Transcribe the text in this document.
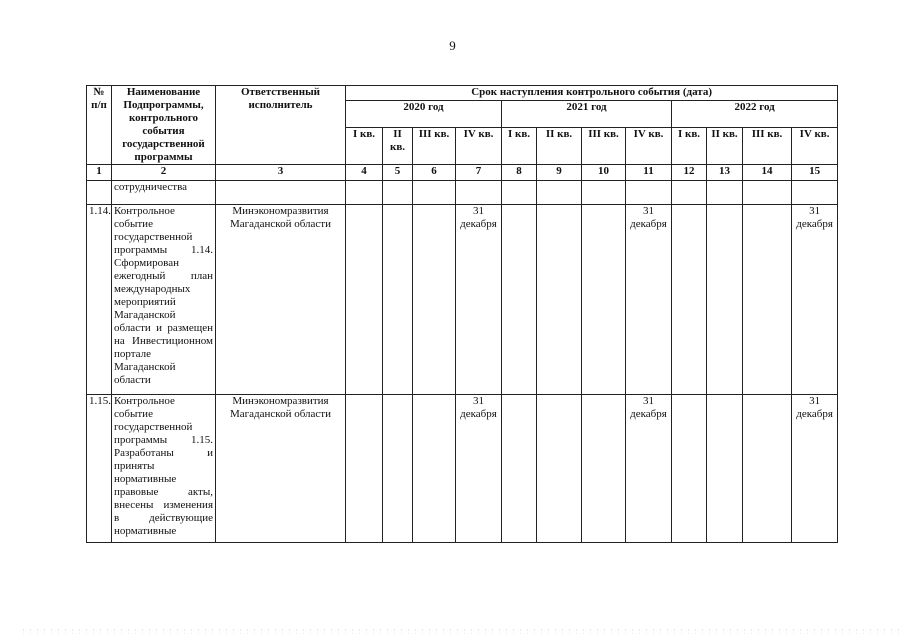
9
№ п/п	Наименование Подпрограммы, контрольного события государственной программы	Ответственный исполнитель	Срок наступления контрольного события (дата)											
			2020 год				2021 год				2022 год			
			I кв.	II кв.	III кв.	IV кв.	I кв.	II кв.	III кв.	IV кв.	I кв.	II кв.	III кв.	IV кв.
1	2	3	4	5	6	7	8	9	10	11	12	13	14	15
	сотрудничества													
1.14.	Контрольное событие государственной программы 1.14. Сформирован ежегодный план международных мероприятий Магаданской области и размещен на Инвестиционном портале Магаданской области	Минэкономразвития Магаданской области				31 декабря				31 декабря				31 декабря
1.15.	Контрольное событие государственной программы 1.15. Разработаны и приняты нормативные правовые акты, внесены изменения в действующие нормативные	Минэкономразвития Магаданской области				31 декабря				31 декабря				31 декабря
